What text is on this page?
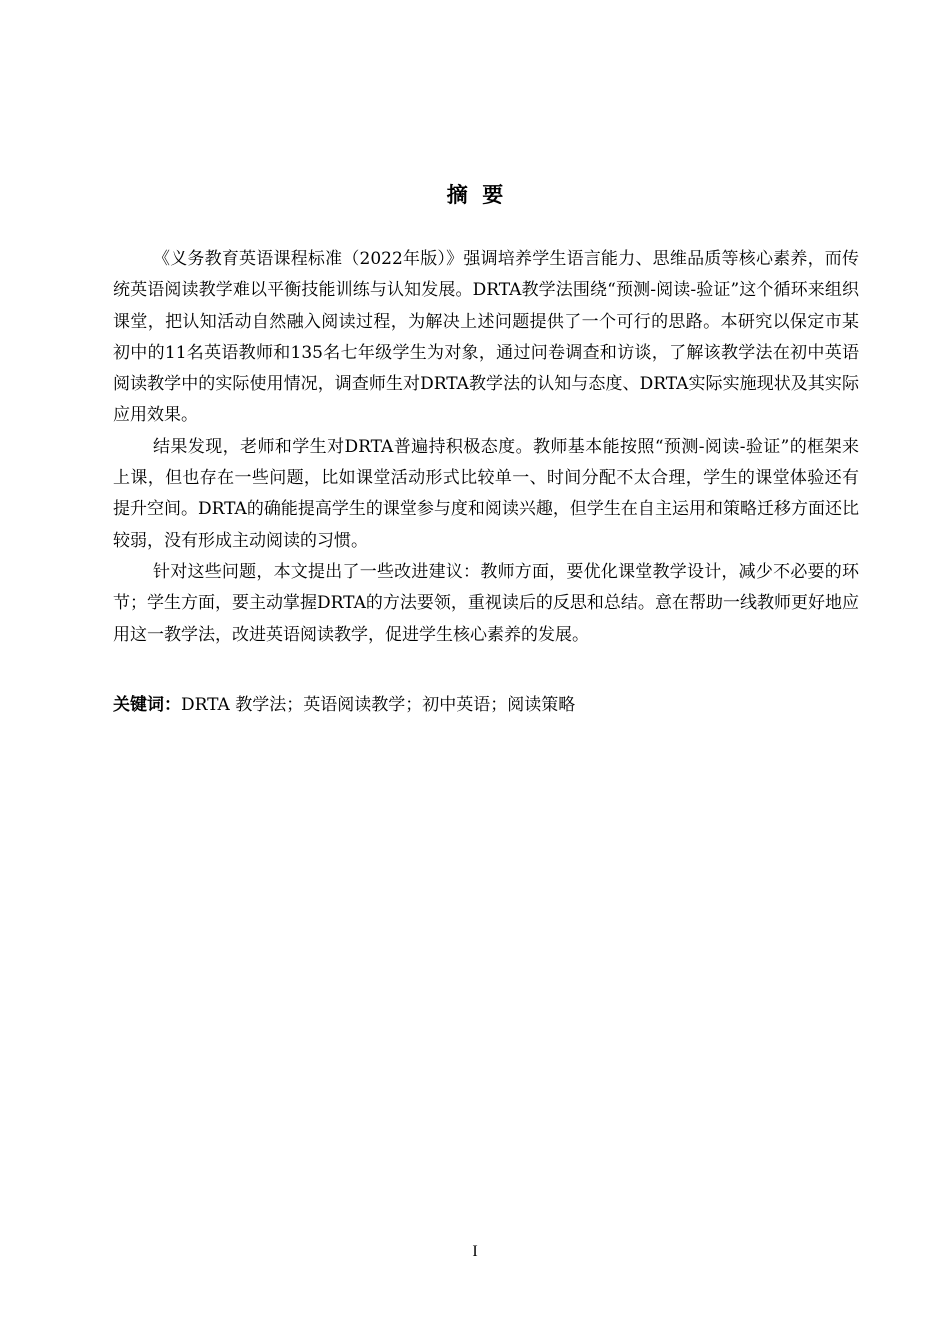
摘  要

《义务教育英语课程标准（2022年版）》强调培养学生语言能力、思维品质等核心素养，而传统英语阅读教学难以平衡技能训练与认知发展。DRTA教学法围绕“预测-阅读-验证”这个循环来组织课堂，把认知活动自然融入阅读过程，为解决上述问题提供了一个可行的思路。本研究以保定市某初中的11名英语教师和135名七年级学生为对象，通过问卷调查和访谈，了解该教学法在初中英语阅读教学中的实际使用情况，调查师生对DRTA教学法的认知与态度、DRTA实际实施现状及其实际应用效果。

结果发现，老师和学生对DRTA普遍持积极态度。教师基本能按照“预测-阅读-验证”的框架来上课，但也存在一些问题，比如课堂活动形式比较单一、时间分配不太合理，学生的课堂体验还有提升空间。DRTA的确能提高学生的课堂参与度和阅读兴趣，但学生在自主运用和策略迁移方面还比较弱，没有形成主动阅读的习惯。

针对这些问题，本文提出了一些改进建议：教师方面，要优化课堂教学设计，减少不必要的环节；学生方面，要主动掌握DRTA的方法要领，重视读后的反思和总结。意在帮助一线教师更好地应用这一教学法，改进英语阅读教学，促进学生核心素养的发展。

关键词：DRTA 教学法；英语阅读教学；初中英语；阅读策略
I
